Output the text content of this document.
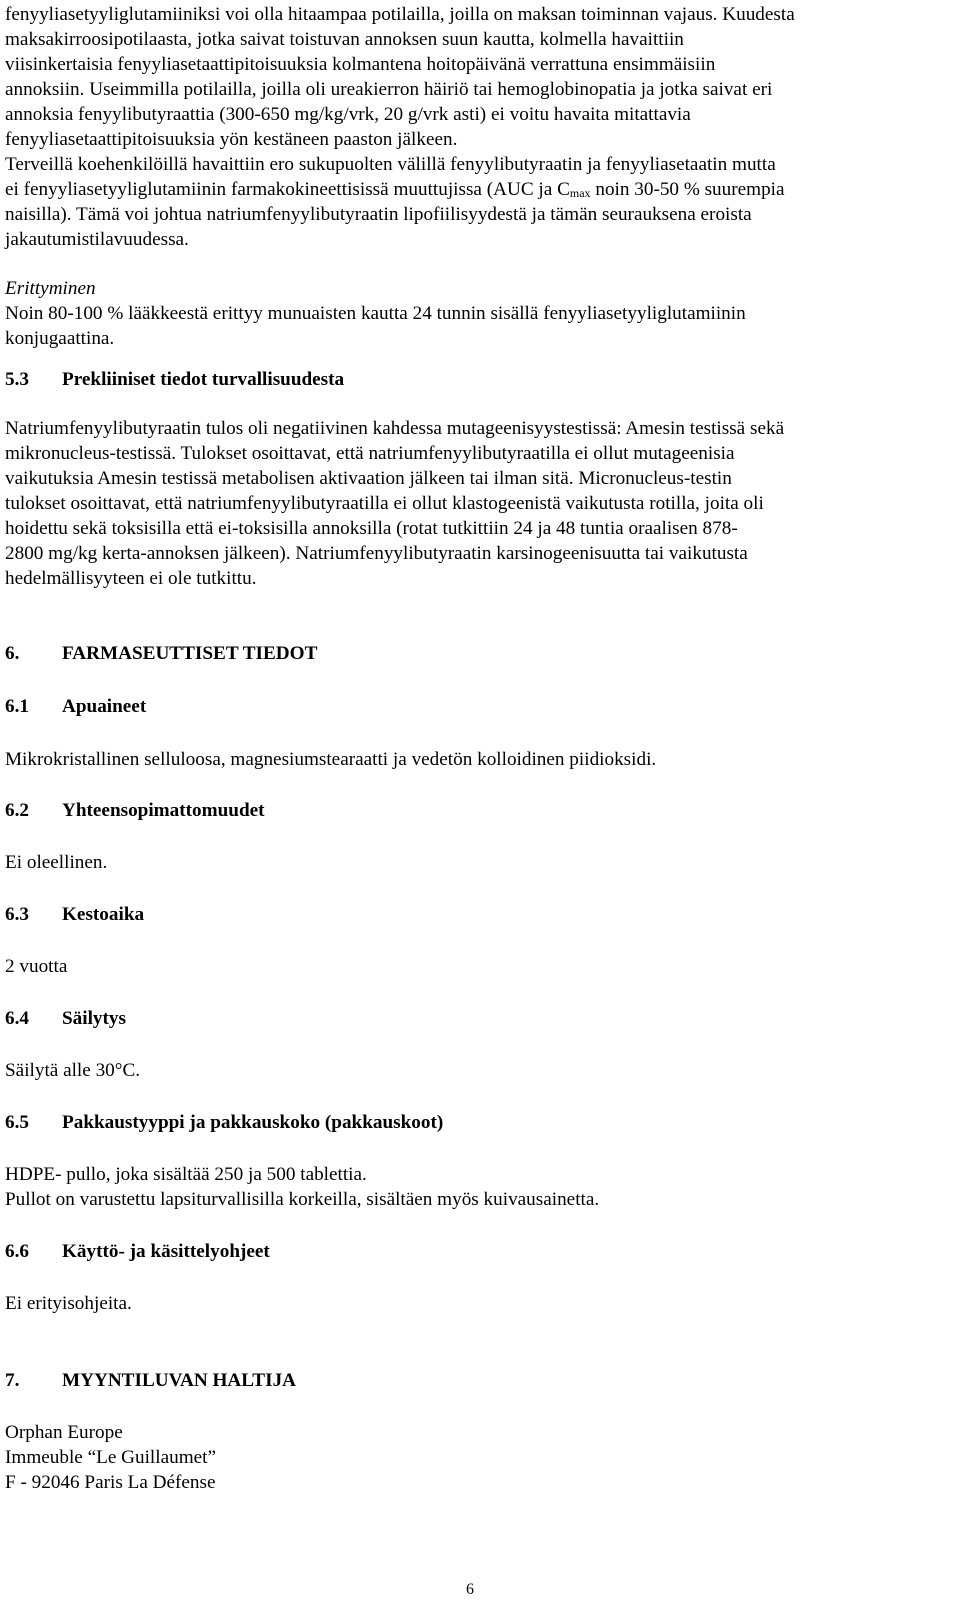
fenyyliasetyyliglutamiiniksi voi olla hitaampaa potilailla, joilla on maksan toiminnan vajaus. Kuudesta

maksakirroosipotilaasta, jotka saivat toistuvan annoksen suun kautta, kolmella havaittiin

viisinkertaisia fenyyliasetaattipitoisuuksia kolmantena hoitopäivänä verrattuna ensimmäisiin

annoksiin. Useimmilla potilailla, joilla oli ureakierron häiriö tai hemoglobinopatia ja jotka saivat eri

annoksia fenyylibutyraattia (300-650 mg/kg/vrk, 20 g/vrk asti) ei voitu havaita mitattavia

fenyyliasetaattipitoisuuksia yön kestäneen paaston jälkeen.

Terveillä koehenkilöillä havaittiin ero sukupuolten välillä fenyylibutyraatin ja fenyyliasetaatin mutta

ei fenyyliasetyyliglutamiinin farmakokineettisissä muuttujissa (AUC ja $C_{max}$ noin 30-50 % suurempia

naisilla). Tämä voi johtua natriumfenyylibutyraatin lipofiilisyydestä ja tämän seurauksena eroista

jakautumistilavuudessa.

Erittyminen

Noin 80-100 % lääkkeestä erittyy munuaisten kautta 24 tunnin sisällä fenyyliasetyyliglutamiinin

konjugaattina.

5.3 Prekliiniset tiedot turvallisuudesta

Natriumfenyylibutyraatin tulos oli negatiivinen kahdessa mutageenisyystestissä: Amesin testissä sekä

mikronucleus-testissä. Tulokset osoittavat, että natriumfenyylibutyraatilla ei ollut mutageenisia

vaikutuksia Amesin testissä metabolisen aktivaation jälkeen tai ilman sitä. Micronucleus-testin

tulokset osoittavat, että natriumfenyylibutyraatilla ei ollut klastogeenistä vaikutusta rotilla, joita oli

hoidettu sekä toksisilla että ei-toksisilla annoksilla (rotat tutkittiin 24 ja 48 tuntia oraalisen 878-

2800 mg/kg kerta-annoksen jälkeen). Natriumfenyylibutyraatin karsinogeenisuutta tai vaikutusta

hedelmällisyyteen ei ole tutkittu.

6. FARMASEUTTISET TIEDOT
6.1 Apuaineet

Mikrokristallinen selluloosa, magnesiumstearaatti ja vedetön kolloidinen piidioksidi.

6.2 Yhteensopimattomuudet

Ei oleellinen.

6.3 Kestoaika

2 vuotta

6.4 Säilytys

Säilytä alle 30°C.

6.5 Pakkaustyyppi ja pakkauskoko (pakkauskoot)

HDPE- pullo, joka sisältää 250 ja 500 tablettia.

Pullot on varustettu lapsiturvallisilla korkeilla, sisältäen myös kuivausainetta.

6.6 Käyttö- ja käsittelyohjeet

Ei erityisohjeita.

7. MYYNTILUVAN HALTIJA

Orphan Europe

Immeuble “Le Guillaumet”

F - 92046 Paris La Défense

6
